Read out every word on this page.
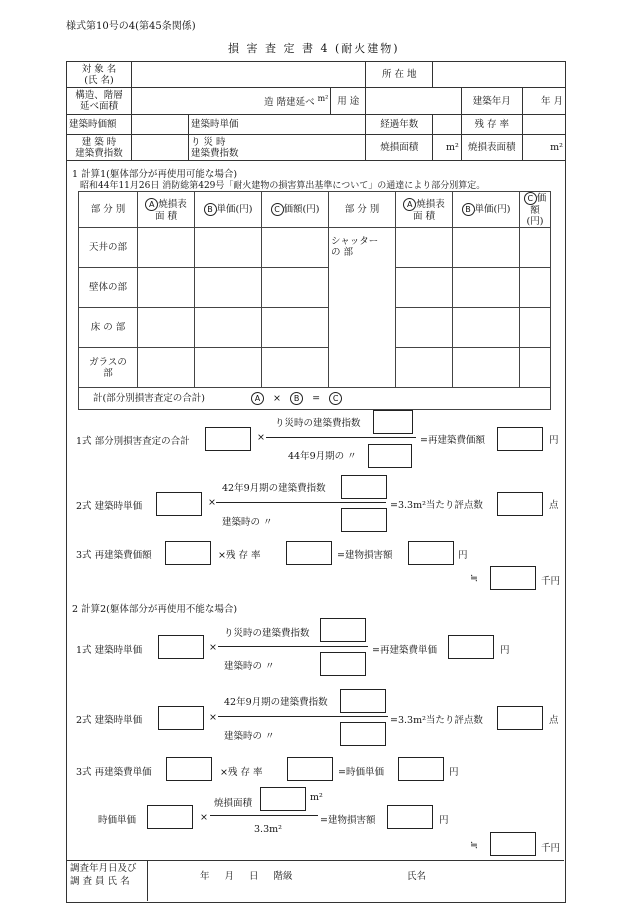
様式第10号の4(第45条関係)
損 害 査 定 書 4 (耐火建物)
対 象 名
(氏 名)				所 在 地			
構造、階層
延べ面積	造 階建延べ $^{m^2}$		用 途			建築年月	年 月
建築時価額		建築時単価		経過年数		残 存 率	
建 築 時
建築費指数		り 災 時
建築費指数		焼損面積	m²	焼損表面積	m²
1 計算1(躯体部分が再使用可能な場合)
昭和44年11月26日 消防総第429号「耐火建物の損害算出基準について」の通達により部分別算定。
部 分 別	A 焼損表
面 積	B 単価(円)	C 価額(円)	部 分 別	A 焼損表
面 積	B 単価(円)	C 価額(円)
天井の部				シャッター
の 部			
壁体の部							
床 の 部							
ガラスの
部							
計(部分別損害査定の合計) A × B = C							
1式 部分別損害査定の合計	×
り災時の建築費指数
44年9月期の 〃
=再建築費価額	円
2式 建築時単価	×
42年9月期の建築費指数
建築時の 〃
=3.3m²当たり評点数	点
3式 再建築費価額	×残 存 率	=建物損害額	円
≒	千円
2 計算2(躯体部分が再使用不能な場合)
1式 建築時単価	×
り災時の建築費指数
建築時の 〃
=再建築費単価	円
2式 建築時単価	×
42年9月期の建築費指数
建築時の 〃
=3.3m²当たり評点数	点
3式 再建築費単価	×残 存 率	=時価単価	円
時価単価	×
焼損面積
m²
3.3m²
=建物損害額	円
≒	千円
調査年月日及び
調 査 員 氏 名	年 月 日 階級	氏名
